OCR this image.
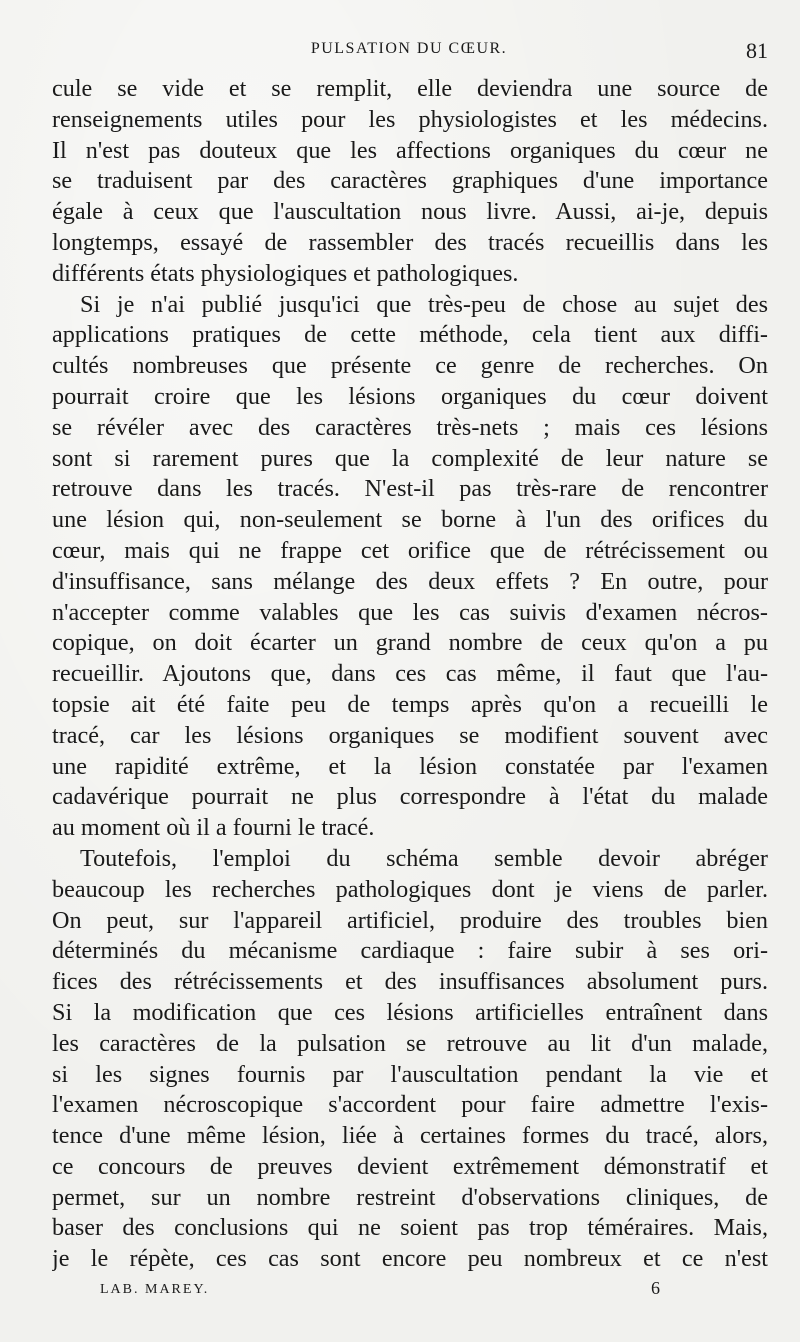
PULSATION DU CŒUR.	81
cule se vide et se remplit, elle deviendra une source de
renseignements utiles pour les physiologistes et les médecins.
Il n'est pas douteux que les affections organiques du cœur ne
se traduisent par des caractères graphiques d'une importance
égale à ceux que l'auscultation nous livre. Aussi, ai-je, depuis
longtemps, essayé de rassembler des tracés recueillis dans les
différents états physiologiques et pathologiques.
Si je n'ai publié jusqu'ici que très-peu de chose au sujet des
applications pratiques de cette méthode, cela tient aux diffi-
cultés nombreuses que présente ce genre de recherches. On
pourrait croire que les lésions organiques du cœur doivent
se révéler avec des caractères très-nets ; mais ces lésions
sont si rarement pures que la complexité de leur nature se
retrouve dans les tracés. N'est-il pas très-rare de rencontrer
une lésion qui, non-seulement se borne à l'un des orifices du
cœur, mais qui ne frappe cet orifice que de rétrécissement ou
d'insuffisance, sans mélange des deux effets ? En outre, pour
n'accepter comme valables que les cas suivis d'examen nécros-
copique, on doit écarter un grand nombre de ceux qu'on a pu
recueillir. Ajoutons que, dans ces cas même, il faut que l'au-
topsie ait été faite peu de temps après qu'on a recueilli le
tracé, car les lésions organiques se modifient souvent avec
une rapidité extrême, et la lésion constatée par l'examen
cadavérique pourrait ne plus correspondre à l'état du malade
au moment où il a fourni le tracé.
Toutefois, l'emploi du schéma semble devoir abréger
beaucoup les recherches pathologiques dont je viens de parler.
On peut, sur l'appareil artificiel, produire des troubles bien
déterminés du mécanisme cardiaque : faire subir à ses ori-
fices des rétrécissements et des insuffisances absolument purs.
Si la modification que ces lésions artificielles entraînent dans
les caractères de la pulsation se retrouve au lit d'un malade,
si les signes fournis par l'auscultation pendant la vie et
l'examen nécroscopique s'accordent pour faire admettre l'exis-
tence d'une même lésion, liée à certaines formes du tracé, alors,
ce concours de preuves devient extrêmement démonstratif et
permet, sur un nombre restreint d'observations cliniques, de
baser des conclusions qui ne soient pas trop téméraires. Mais,
je le répète, ces cas sont encore peu nombreux et ce n'est
LAB. MAREY.	6
